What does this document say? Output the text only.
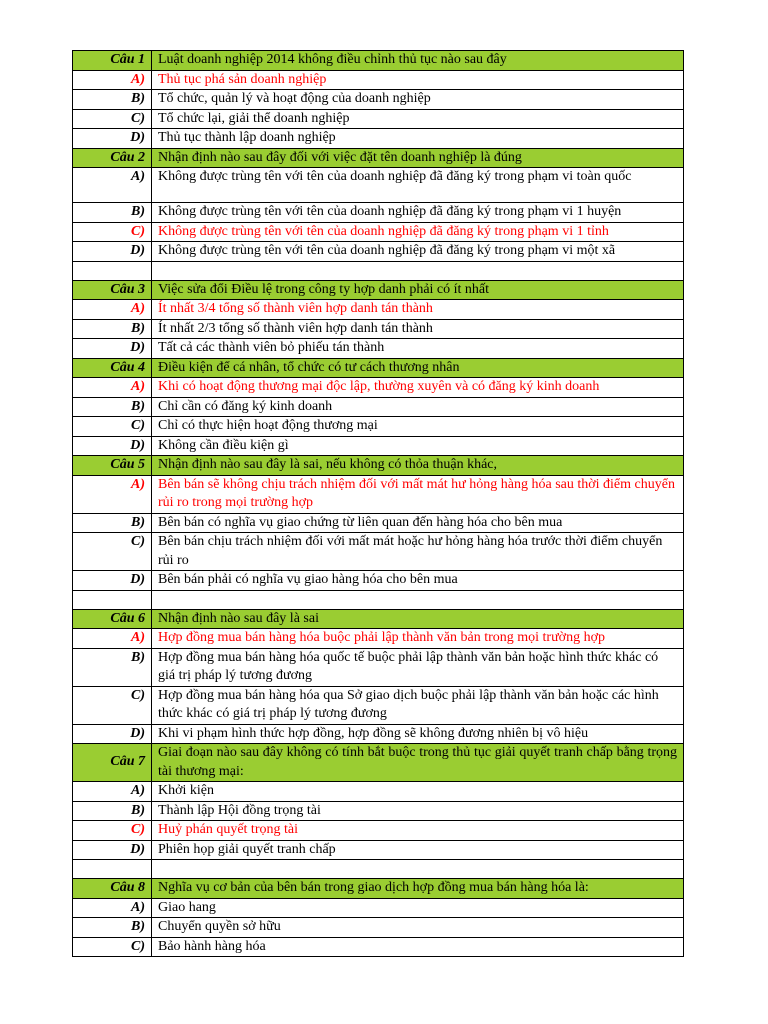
Câu 1	Luật doanh nghiệp 2014 không điều chỉnh thủ tục nào sau đây
A)	Thủ tục phá sản doanh nghiệp
B)	Tổ chức, quản lý và hoạt động của doanh nghiệp
C)	Tổ chức lại, giải thể doanh nghiệp
D)	Thủ tục thành lập doanh nghiệp
Câu 2	Nhận định nào sau đây đối với việc đặt tên doanh nghiệp là đúng
A)	Không được trùng tên với tên của doanh nghiệp đã đăng ký trong phạm vi toàn quốc
B)	Không được trùng tên với tên của doanh nghiệp đã đăng ký trong phạm vi 1 huyện
C)	Không được trùng tên với tên của doanh nghiệp đã đăng ký trong phạm vi 1 tỉnh
D)	Không được trùng tên với tên của doanh nghiệp đã đăng ký trong phạm vi một xã

Câu 3	Việc sửa đổi Điều lệ trong công ty hợp danh phải có ít nhất
A)	Ít nhất 3/4 tổng số thành viên hợp danh tán thành
B)	Ít nhất 2/3 tổng số thành viên hợp danh tán thành
D)	Tất cả các thành viên bỏ phiếu tán thành
Câu 4	Điều kiện để cá nhân, tổ chức có tư cách thương nhân
A)	Khi có hoạt động thương mại độc lập, thường xuyên và có đăng ký kinh doanh
B)	Chỉ cần có đăng ký kinh doanh
C)	Chỉ có thực hiện hoạt động thương mại
D)	Không cần điều kiện gì
Câu 5	Nhận định nào sau đây là sai, nếu không có thỏa thuận khác,
A)	Bên bán sẽ không chịu trách nhiệm đối với mất mát hư hỏng hàng hóa sau thời điểm chuyển rủi ro trong mọi trường hợp
B)	Bên bán có nghĩa vụ giao chứng từ liên quan đến hàng hóa cho bên mua
C)	Bên bán chịu trách nhiệm đối với mất mát hoặc hư hỏng hàng hóa trước thời điểm chuyển rủi ro
D)	Bên bán phải có nghĩa vụ giao hàng hóa cho bên mua

Câu 6	Nhận định nào sau đây là sai
A)	Hợp đồng mua bán hàng hóa buộc phải lập thành văn bản trong mọi trường hợp
B)	Hợp đồng mua bán hàng hóa quốc tế buộc phải lập thành văn bản hoặc hình thức khác có giá trị pháp lý tương đương
C)	Hợp đồng mua bán hàng hóa qua Sở giao dịch buộc phải lập thành văn bản hoặc các hình thức khác có giá trị pháp lý tương đương
D)	Khi vi phạm hình thức hợp đồng, hợp đồng sẽ không đương nhiên bị vô hiệu
Câu 7	Giai đoạn nào sau đây không có tính bắt buộc trong thủ tục giải quyết tranh chấp bằng trọng tài thương mại:
A)	Khởi kiện
B)	Thành lập Hội đồng trọng tài
C)	Huỷ phán quyết trọng tài
D)	Phiên họp giải quyết tranh chấp

Câu 8	Nghĩa vụ cơ bản của bên bán trong giao dịch hợp đồng mua bán hàng hóa là:
A)	Giao hang
B)	Chuyển quyền sở hữu
C)	Bảo hành hàng hóa
